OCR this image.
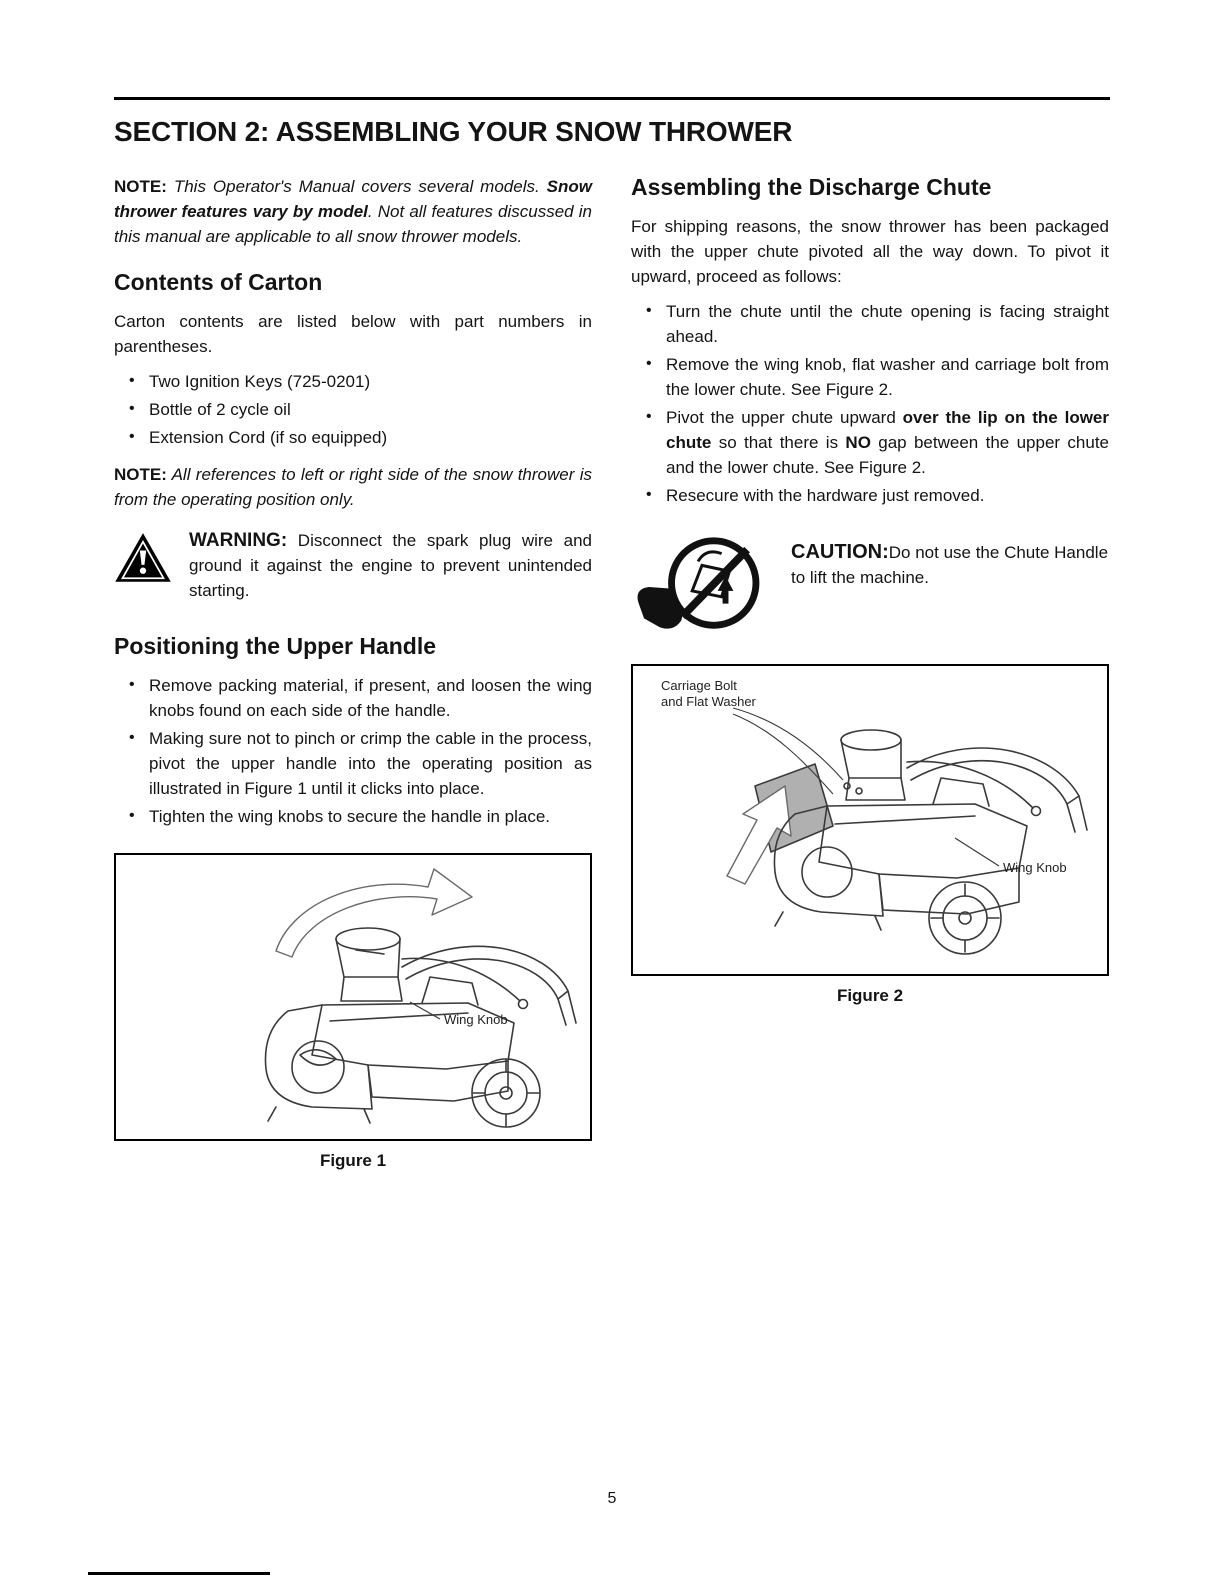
SECTION 2: ASSEMBLING YOUR SNOW THROWER

NOTE: This Operator's Manual covers several models. Snow thrower features vary by model. Not all features discussed in this manual are applicable to all snow thrower models.

Contents of Carton

Carton contents are listed below with part numbers in parentheses.

• Two Ignition Keys (725-0201)
• Bottle of 2 cycle oil
• Extension Cord (if so equipped)

NOTE: All references to left or right side of the snow thrower is from the operating position only.

WARNING: Disconnect the spark plug wire and ground it against the engine to prevent unintended starting.

Positioning the Upper Handle
• Remove packing material, if present, and loosen the wing knobs found on each side of the handle.
• Making sure not to pinch or crimp the cable in the process, pivot the upper handle into the operating position as illustrated in Figure 1 until it clicks into place.
• Tighten the wing knobs to secure the handle in place.
Wing Knob

Figure 1

Assembling the Discharge Chute

For shipping reasons, the snow thrower has been packaged with the upper chute pivoted all the way down. To pivot it upward, proceed as follows:

• Turn the chute until the chute opening is facing straight ahead.
• Remove the wing knob, flat washer and carriage bolt from the lower chute. See Figure 2.
• Pivot the upper chute upward over the lip on the lower chute so that there is NO gap between the upper chute and the lower chute. See Figure 2.
• Resecure with the hardware just removed.

CAUTION:Do not use the Chute Handle to lift the machine.

Carriage Bolt
and Flat Washer
Wing Knob

Figure 2

5
